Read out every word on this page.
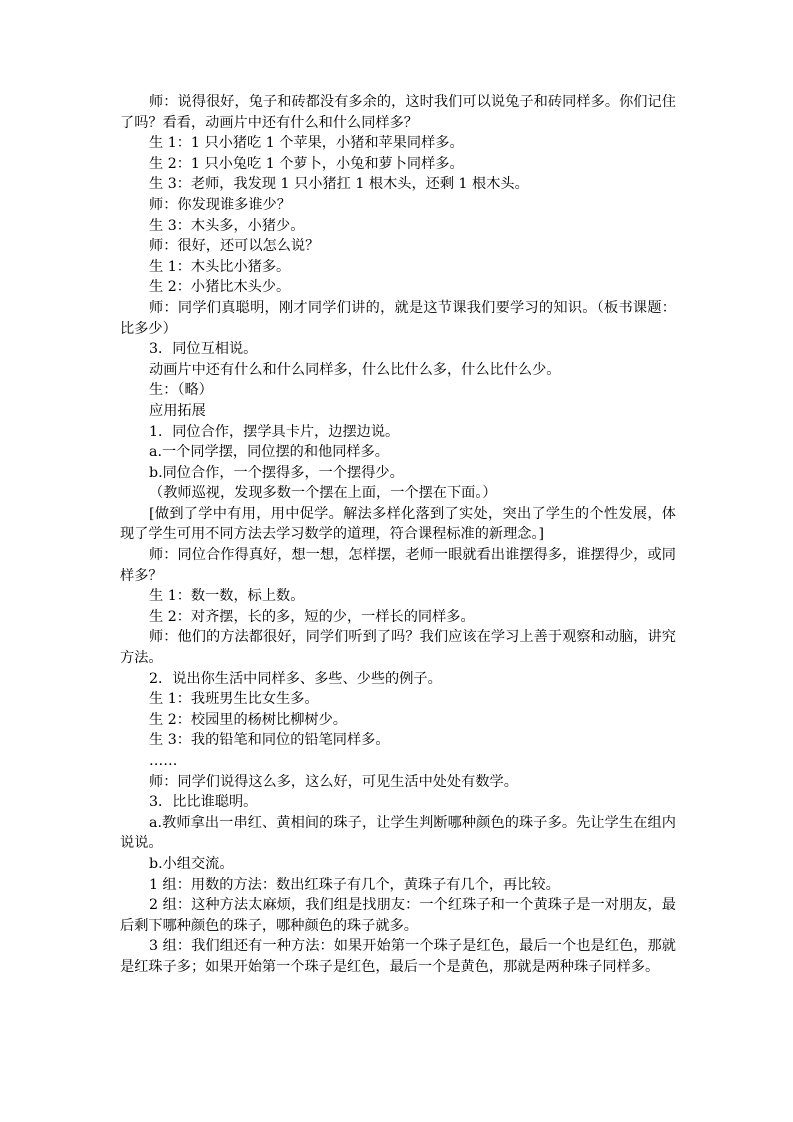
师：说得很好，兔子和砖都没有多余的，这时我们可以说兔子和砖同样多。你们记住了吗？看看，动画片中还有什么和什么同样多？

生 1：1 只小猪吃 1 个苹果，小猪和苹果同样多。

生 2：1 只小兔吃 1 个萝卜，小兔和萝卜同样多。

生 3：老师，我发现 1 只小猪扛 1 根木头，还剩 1 根木头。

师：你发现谁多谁少？

生 3：木头多，小猪少。

师：很好，还可以怎么说？

生 1：木头比小猪多。

生 2：小猪比木头少。

师：同学们真聪明，刚才同学们讲的，就是这节课我们要学习的知识。（板书课题：比多少）

3．同位互相说。

动画片中还有什么和什么同样多，什么比什么多，什么比什么少。

生：（略）

应用拓展

1．同位合作，摆学具卡片，边摆边说。

a.一个同学摆，同位摆的和他同样多。

b.同位合作，一个摆得多，一个摆得少。

（教师巡视，发现多数一个摆在上面，一个摆在下面。）

[做到了学中有用，用中促学。解法多样化落到了实处，突出了学生的个性发展，体现了学生可用不同方法去学习数学的道理，符合课程标准的新理念。]

师：同位合作得真好，想一想，怎样摆，老师一眼就看出谁摆得多，谁摆得少，或同样多？

生 1：数一数，标上数。

生 2：对齐摆，长的多，短的少，一样长的同样多。

师：他们的方法都很好，同学们听到了吗？我们应该在学习上善于观察和动脑，讲究方法。

2．说出你生活中同样多、多些、少些的例子。

生 1：我班男生比女生多。

生 2：校园里的杨树比柳树少。

生 3：我的铅笔和同位的铅笔同样多。

……

师：同学们说得这么多，这么好，可见生活中处处有数学。

3．比比谁聪明。

a.教师拿出一串红、黄相间的珠子，让学生判断哪种颜色的珠子多。先让学生在组内说说。

b.小组交流。

1 组：用数的方法：数出红珠子有几个，黄珠子有几个，再比较。

2 组：这种方法太麻烦，我们组是找朋友：一个红珠子和一个黄珠子是一对朋友，最后剩下哪种颜色的珠子，哪种颜色的珠子就多。

3 组：我们组还有一种方法：如果开始第一个珠子是红色，最后一个也是红色，那就是红珠子多；如果开始第一个珠子是红色，最后一个是黄色，那就是两种珠子同样多。
